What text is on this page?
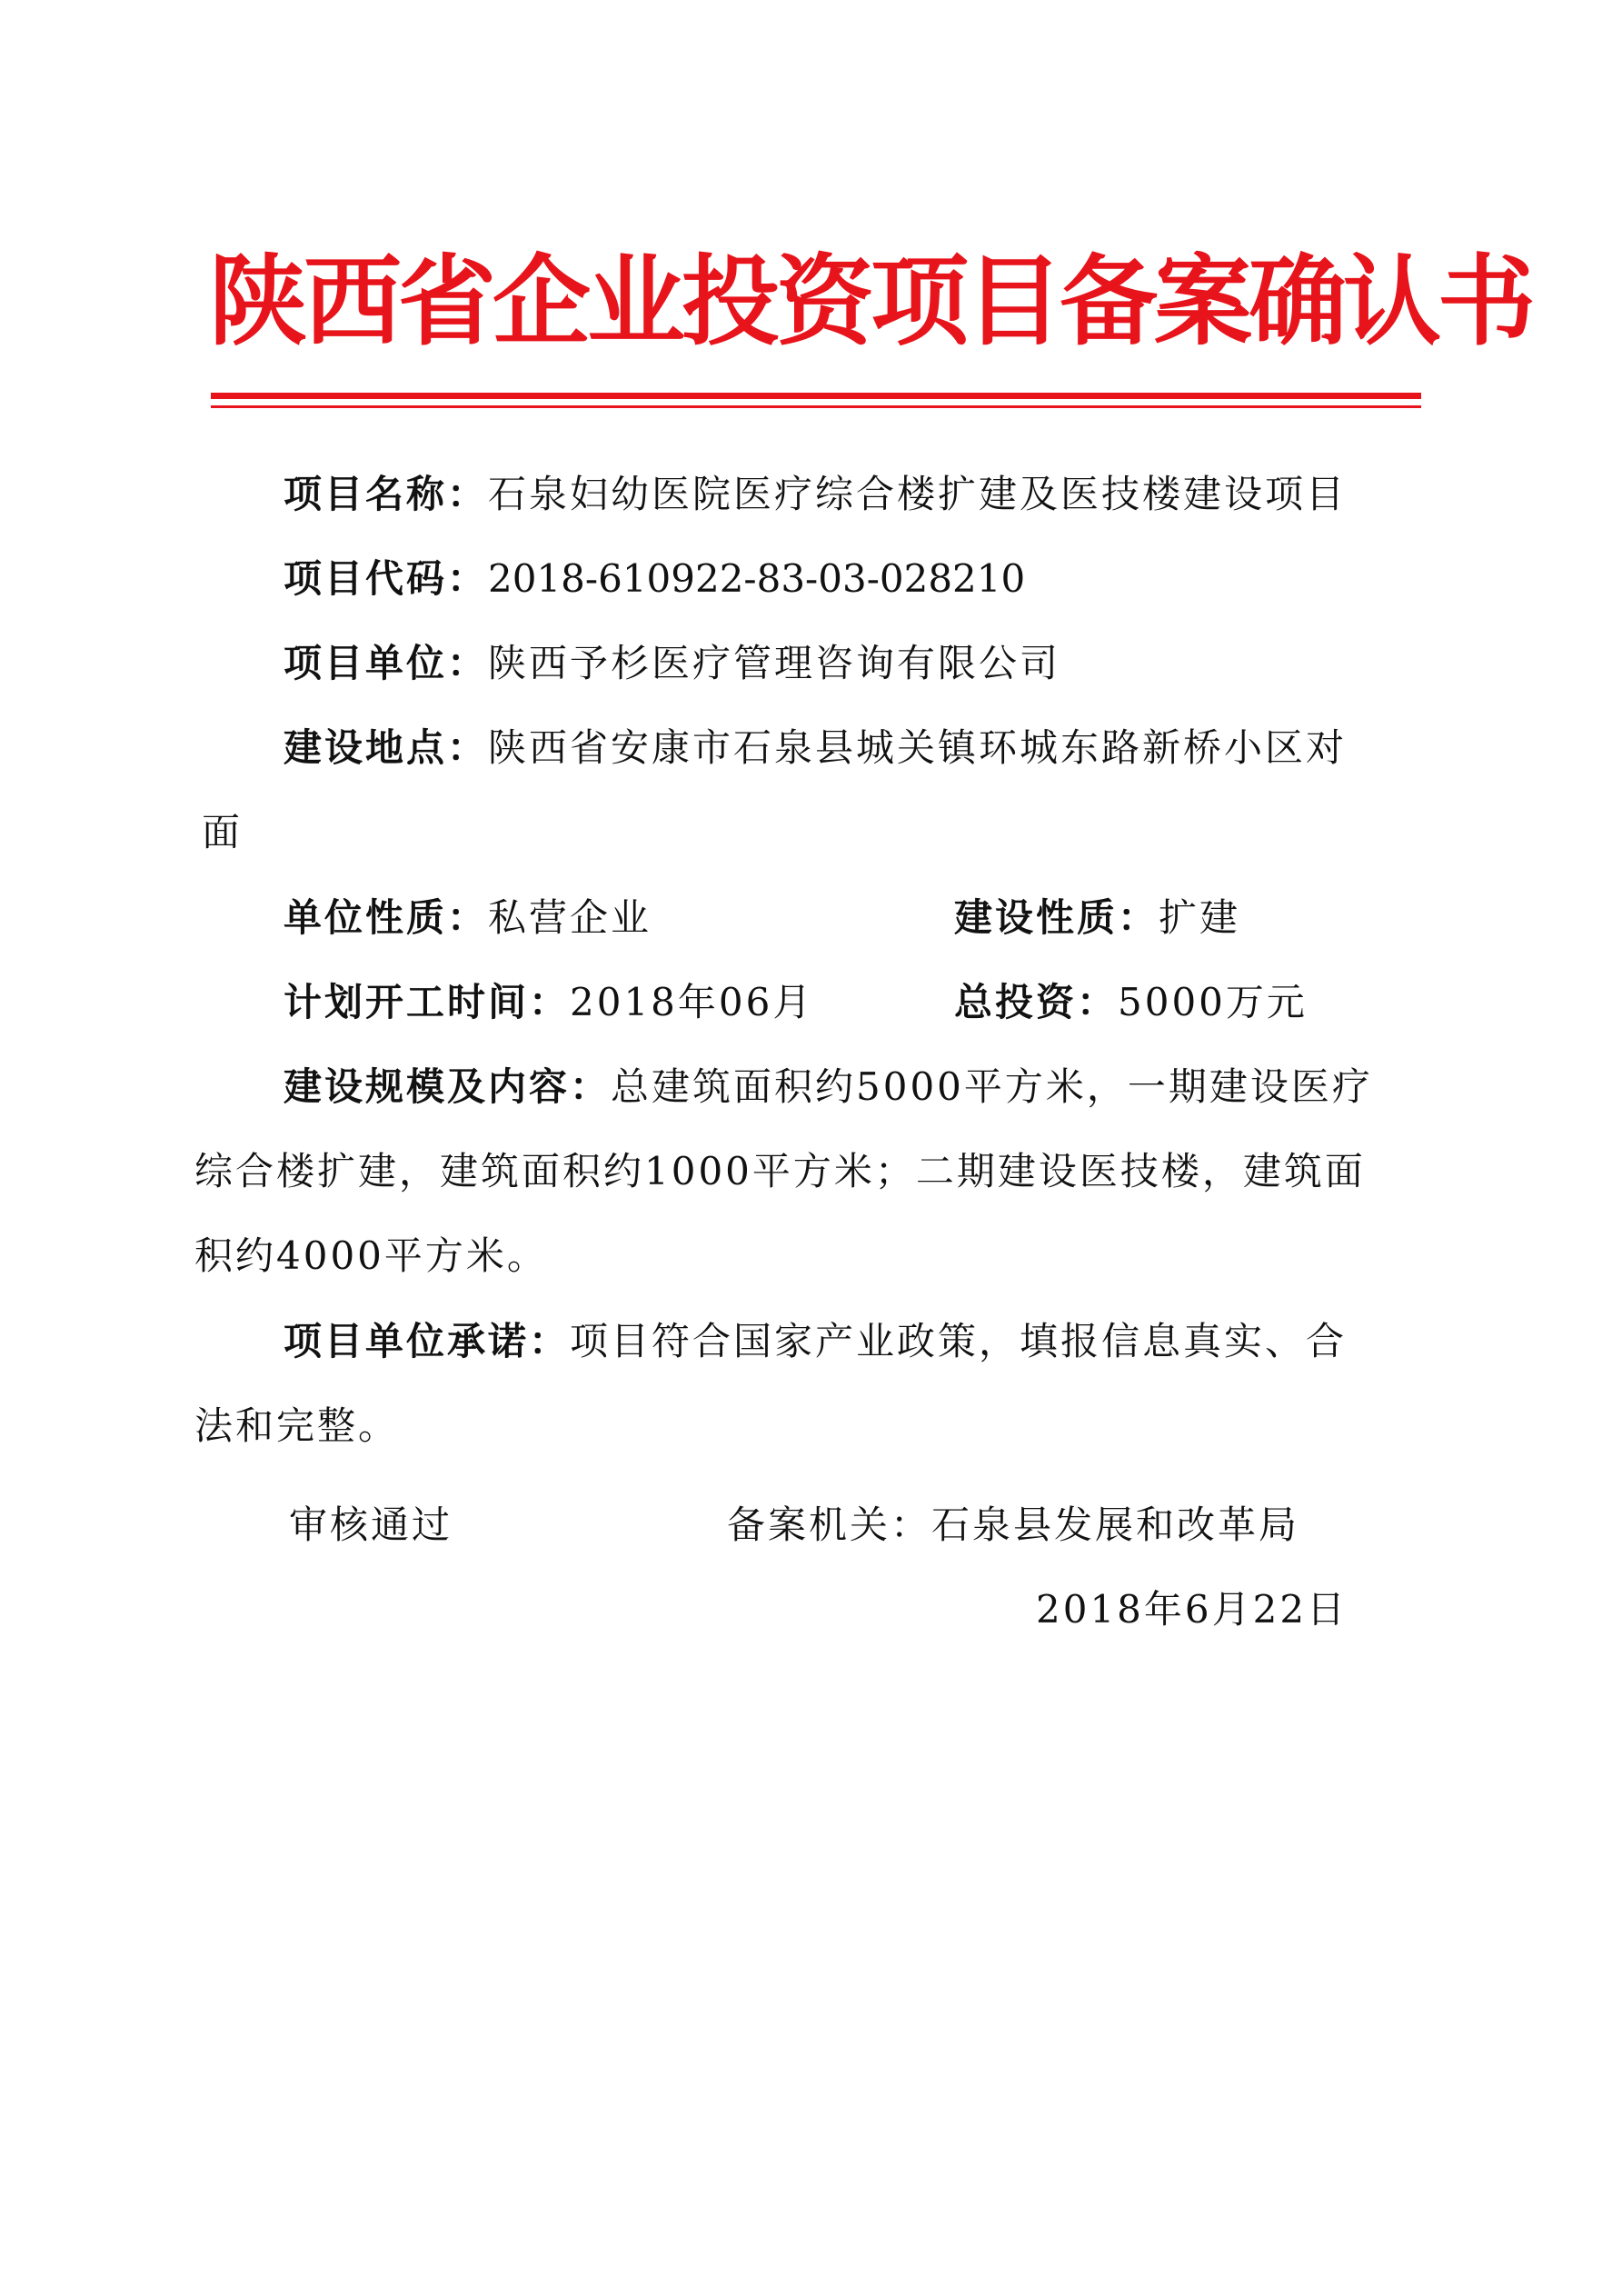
陕西省企业投资项目备案确认书
项目名称：石泉妇幼医院医疗综合楼扩建及医技楼建设项目
项目代码：2018-610922-83-03-028210
项目单位：陕西予杉医疗管理咨询有限公司
建设地点：陕西省安康市石泉县城关镇环城东路新桥小区对
面
单位性质：私营企业	建设性质：扩建
计划开工时间：2018年06月	总投资：5000万元
建设规模及内容：总建筑面积约5000平方米，一期建设医疗
综合楼扩建，建筑面积约1000平方米；二期建设医技楼，建筑面
积约4000平方米。
项目单位承诺：项目符合国家产业政策，填报信息真实、合
法和完整。
审核通过	备案机关：石泉县发展和改革局
2018年6月22日
